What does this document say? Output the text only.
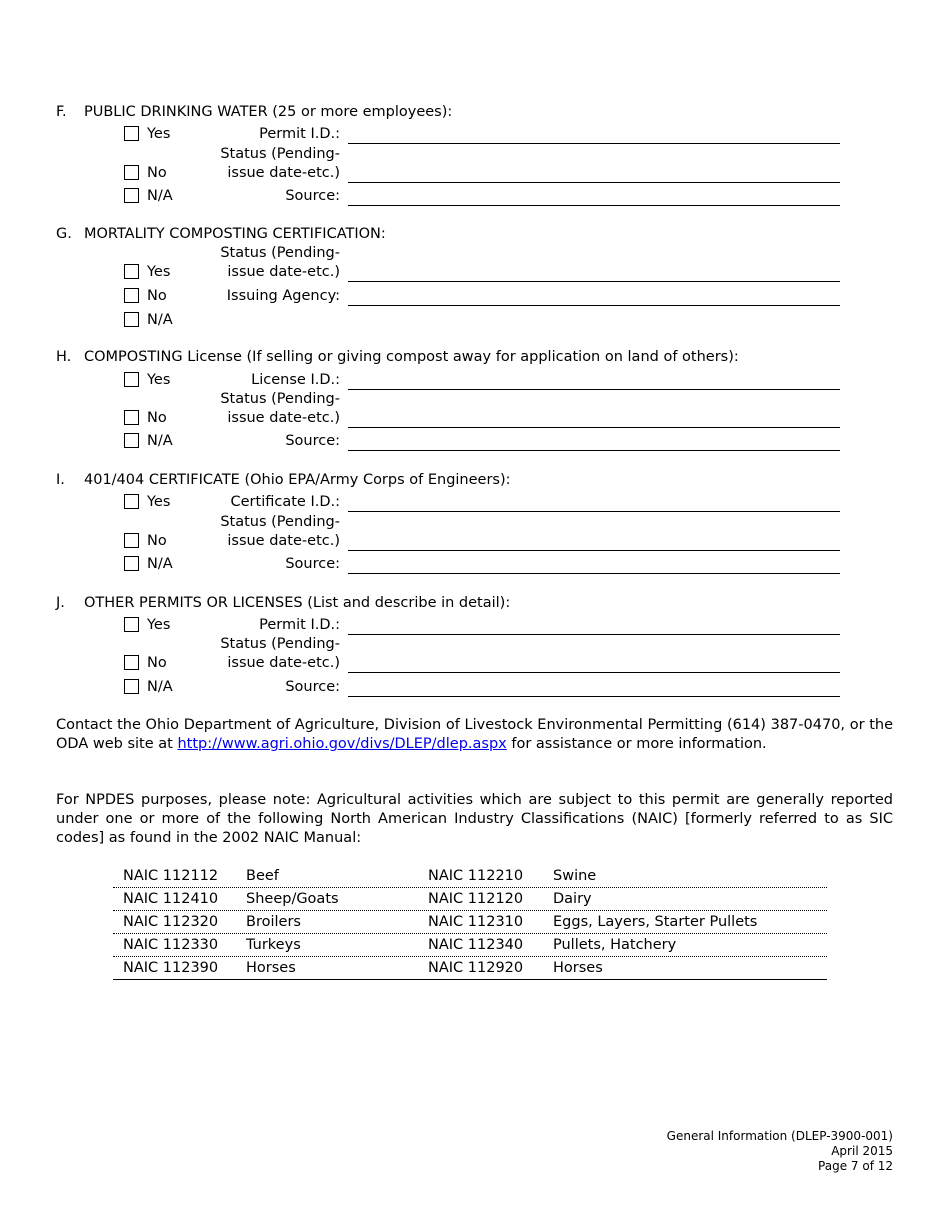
F. PUBLIC DRINKING WATER (25 or more employees):
Yes
No
N/A
Permit I.D.:
Status (Pending-
issue date-etc.)
Source:
G. MORTALITY COMPOSTING CERTIFICATION:
Yes
No
N/A
Status (Pending-
issue date-etc.)
Issuing Agency:
H. COMPOSTING License (If selling or giving compost away for application on land of others):
Yes
No
N/A
License I.D.:
Status (Pending-
issue date-etc.)
Source:
I. 401/404 CERTIFICATE (Ohio EPA/Army Corps of Engineers):
Yes
No
N/A
Certificate I.D.:
Status (Pending-
issue date-etc.)
Source:
J. OTHER PERMITS OR LICENSES (List and describe in detail):
Yes
No
N/A
Permit I.D.:
Status (Pending-
issue date-etc.)
Source:
Contact the Ohio Department of Agriculture, Division of Livestock Environmental Permitting (614) 387-0470, or the ODA web site at http://www.agri.ohio.gov/divs/DLEP/dlep.aspx for assistance or more information.
For NPDES purposes, please note: Agricultural activities which are subject to this permit are generally reported under one or more of the following North American Industry Classifications (NAIC) [formerly referred to as SIC codes] as found in the 2002 NAIC Manual:
NAIC 112112 Beef	NAIC 112210 Swine
NAIC 112410 Sheep/Goats	NAIC 112120 Dairy
NAIC 112320 Broilers	NAIC 112310 Eggs, Layers, Starter Pullets
NAIC 112330 Turkeys	NAIC 112340 Pullets, Hatchery
NAIC 112390 Horses	NAIC 112920 Horses
General Information (DLEP-3900-001)
April 2015
Page 7 of 12
